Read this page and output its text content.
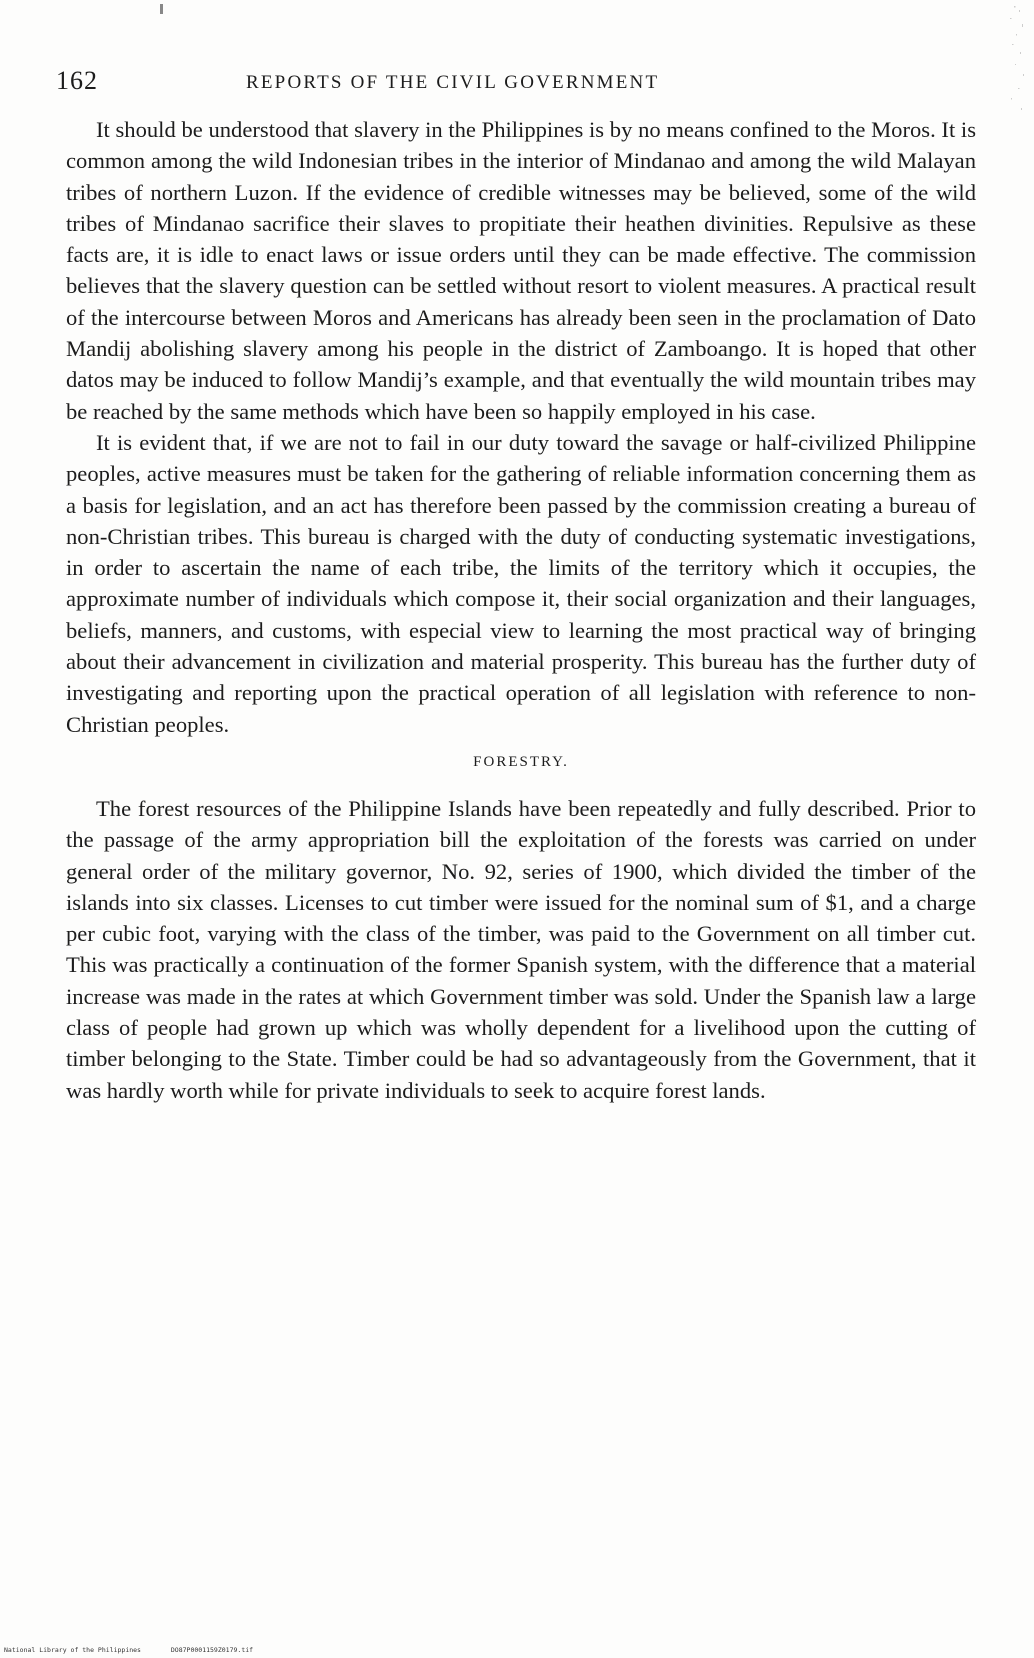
162	REPORTS OF THE CIVIL GOVERNMENT

It should be understood that slavery in the Philippines is by no means confined to the Moros. It is common among the wild Indonesian tribes in the interior of Mindanao and among the wild Malayan tribes of northern Luzon. If the evidence of credible witnesses may be believed, some of the wild tribes of Mindanao sacrifice their slaves to propitiate their heathen divinities. Repulsive as these facts are, it is idle to enact laws or issue orders until they can be made effective. The commission believes that the slavery question can be settled without resort to violent measures. A practical result of the intercourse between Moros and Americans has already been seen in the proclamation of Dato Mandij abolishing slavery among his people in the district of Zamboango. It is hoped that other datos may be induced to follow Mandij’s example, and that eventually the wild mountain tribes may be reached by the same methods which have been so happily employed in his case.

It is evident that, if we are not to fail in our duty toward the savage or half-civilized Philippine peoples, active measures must be taken for the gathering of reliable information concerning them as a basis for legislation, and an act has therefore been passed by the commission creating a bureau of non-Christian tribes. This bureau is charged with the duty of conducting systematic investigations, in order to ascertain the name of each tribe, the limits of the territory which it occupies, the approximate number of individuals which compose it, their social organization and their languages, beliefs, manners, and customs, with especial view to learning the most practical way of bringing about their advancement in civilization and material prosperity. This bureau has the further duty of investigating and reporting upon the practical operation of all legislation with reference to non-Christian peoples.

FORESTRY.

The forest resources of the Philippine Islands have been repeatedly and fully described. Prior to the passage of the army appropriation bill the exploitation of the forests was carried on under general order of the military governor, No. 92, series of 1900, which divided the timber of the islands into six classes. Licenses to cut timber were issued for the nominal sum of $1, and a charge per cubic foot, varying with the class of the timber, was paid to the Government on all timber cut. This was practically a continuation of the former Spanish system, with the difference that a material increase was made in the rates at which Government timber was sold. Under the Spanish law a large class of people had grown up which was wholly dependent for a livelihood upon the cutting of timber belonging to the State. Timber could be had so advantageously from the Government, that it was hardly worth while for private individuals to seek to acquire forest lands.

National Library of the Philippines	DO87P0001159Z0179.tif
